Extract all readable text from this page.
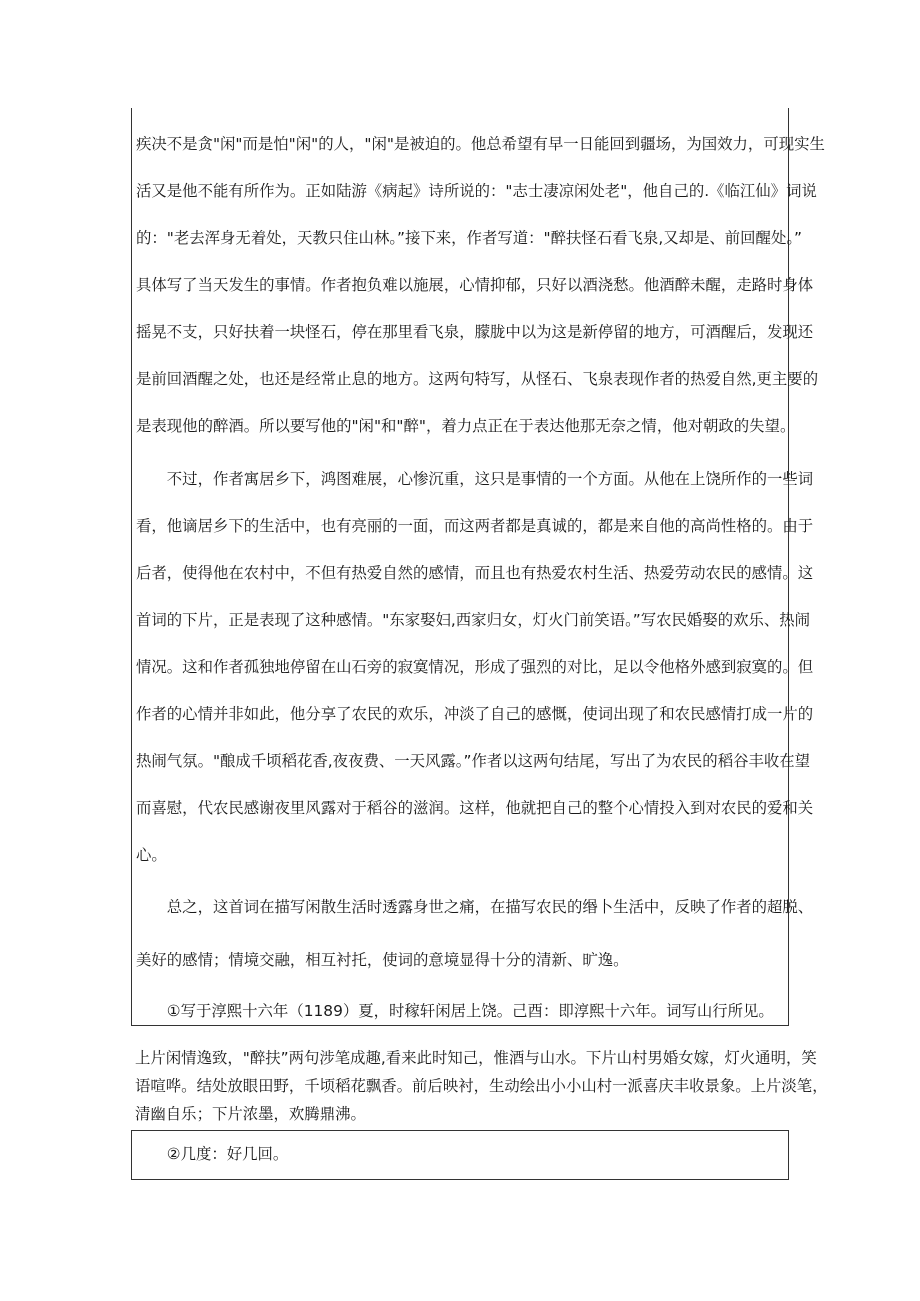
疾决不是贪"闲"而是怕"闲"的人，"闲"是被迫的。他总希望有早一日能回到疆场，为国效力，可现实生

活又是他不能有所作为。正如陆游《病起》诗所说的："志士凄凉闲处老"，他自己的.《临江仙》词说

的："老去浑身无着处，天教只住山林。”接下来，作者写道："醉扶怪石看飞泉,又却是、前回醒处。”

具体写了当天发生的事情。作者抱负难以施展，心情抑郁，只好以酒浇愁。他酒醉未醒，走路时身体

摇晃不支，只好扶着一块怪石，停在那里看飞泉，朦胧中以为这是新停留的地方，可酒醒后，发现还

是前回酒醒之处，也还是经常止息的地方。这两句特写，从怪石、飞泉表现作者的热爱自然,更主要的

是表现他的醉酒。所以要写他的"闲"和"醉"，着力点正在于表达他那无奈之情，他对朝政的失望。

　　不过，作者寓居乡下，鸿图难展，心惨沉重，这只是事情的一个方面。从他在上饶所作的一些词

看，他谪居乡下的生活中，也有亮丽的一面，而这两者都是真诚的，都是来自他的高尚性格的。由于

后者，使得他在农村中，不但有热爱自然的感情，而且也有热爱农村生活、热爱劳动农民的感情。这

首词的下片，正是表现了这种感情。"东家娶妇,西家归女，灯火门前笑语。”写农民婚娶的欢乐、热闹

情况。这和作者孤独地停留在山石旁的寂寞情况，形成了强烈的对比，足以令他格外感到寂寞的。但

作者的心情并非如此，他分享了农民的欢乐，冲淡了自己的感慨，使词出现了和农民感情打成一片的

热闹气氛。"酿成千顷稻花香,夜夜费、一天风露。”作者以这两句结尾，写出了为农民的稻谷丰收在望

而喜慰，代农民感谢夜里风露对于稻谷的滋润。这样，他就把自己的整个心情投入到对农民的爱和关

心。

　　总之，这首词在描写闲散生活时透露身世之痛，在描写农民的缗卜生活中，反映了作者的超脱、

美好的感情；情境交融，相互衬托，使词的意境显得十分的清新、旷逸。

　　①写于淳熙十六年（1189）夏，时稼轩闲居上饶。己酉：即淳熙十六年。词写山行所见。

上片闲情逸致，"醉扶”两句涉笔成趣,看来此时知己，惟酒与山水。下片山村男婚女嫁，灯火通明，笑

语喧哗。结处放眼田野，千顷稻花飘香。前后映衬，生动绘出小小山村一派喜庆丰收景象。上片淡笔，

清幽自乐；下片浓墨，欢腾鼎沸。

　　②几度：好几回。
